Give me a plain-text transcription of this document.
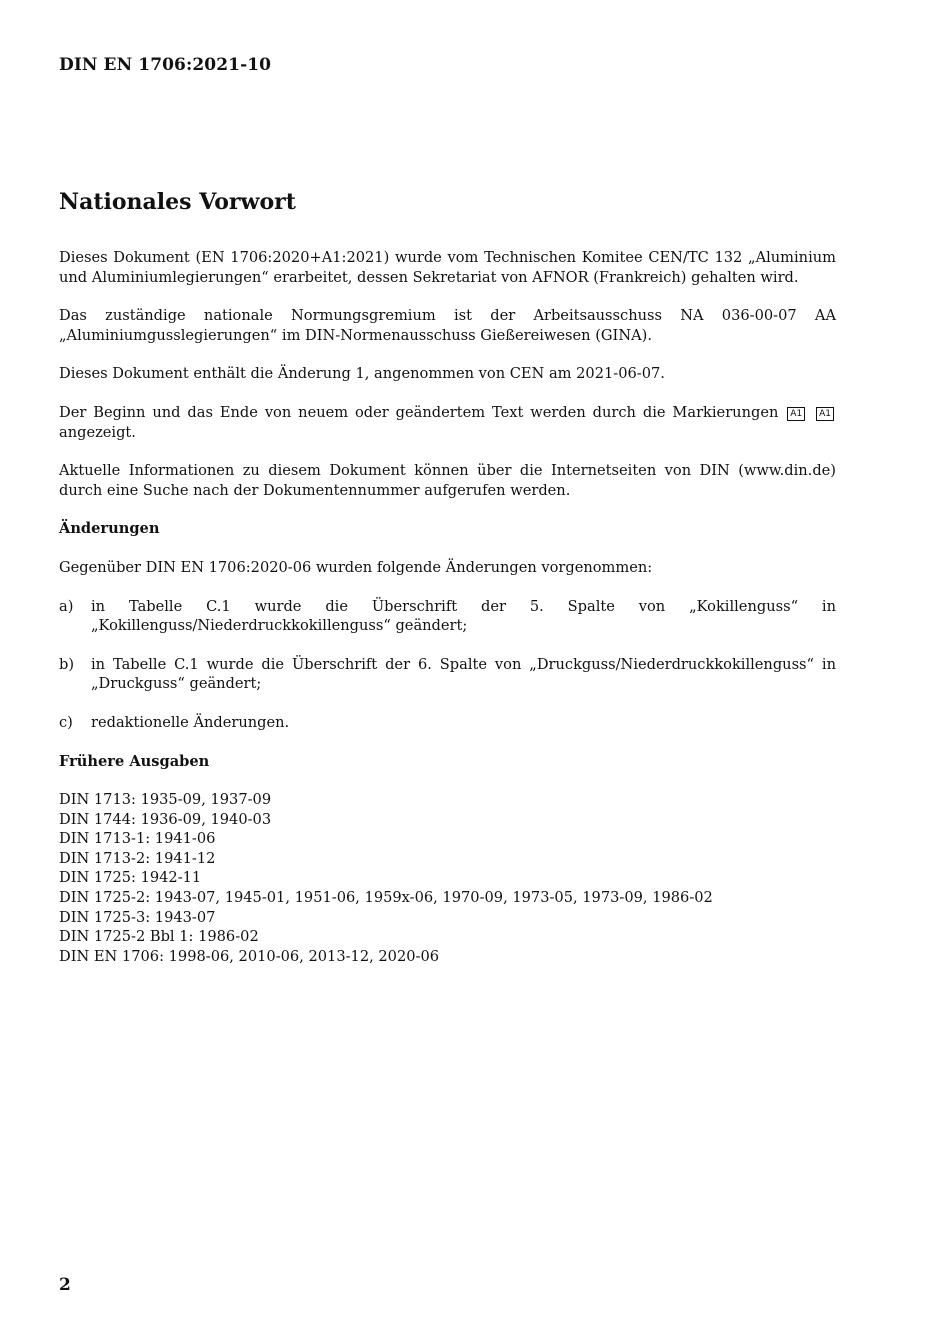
DIN EN 1706:2021-10
Nationales Vorwort

Dieses Dokument (EN 1706:2020+A1:2021) wurde vom Technischen Komitee CEN/TC 132 „Aluminium und Aluminiumlegierungen“ erarbeitet, dessen Sekretariat von AFNOR (Frankreich) gehalten wird.

Das zuständige nationale Normungsgremium ist der Arbeitsausschuss NA 036-00-07 AA „Aluminiumgusslegierungen“ im DIN-Normenausschuss Gießereiwesen (GINA).

Dieses Dokument enthält die Änderung 1, angenommen von CEN am 2021-06-07.

Der Beginn und das Ende von neuem oder geändertem Text werden durch die Markierungen A1 A1 angezeigt.

Aktuelle Informationen zu diesem Dokument können über die Internetseiten von DIN (www.din.de) durch eine Suche nach der Dokumentennummer aufgerufen werden.

Änderungen

Gegenüber DIN EN 1706:2020-06 wurden folgende Änderungen vorgenommen:

a) in Tabelle C.1 wurde die Überschrift der 5. Spalte von „Kokillenguss“ in „Kokillenguss/Niederdruckkokillenguss“ geändert;
b) in Tabelle C.1 wurde die Überschrift der 6. Spalte von „Druckguss/Niederdruckkokillenguss“ in „Druckguss“ geändert;
c) redaktionelle Änderungen.
Frühere Ausgaben
DIN 1713: 1935-09, 1937-09
DIN 1744: 1936-09, 1940-03
DIN 1713-1: 1941-06
DIN 1713-2: 1941-12
DIN 1725: 1942-11
DIN 1725-2: 1943-07, 1945-01, 1951-06, 1959x-06, 1970-09, 1973-05, 1973-09, 1986-02
DIN 1725-3: 1943-07
DIN 1725-2 Bbl 1: 1986-02
DIN EN 1706: 1998-06, 2010-06, 2013-12, 2020-06
2
